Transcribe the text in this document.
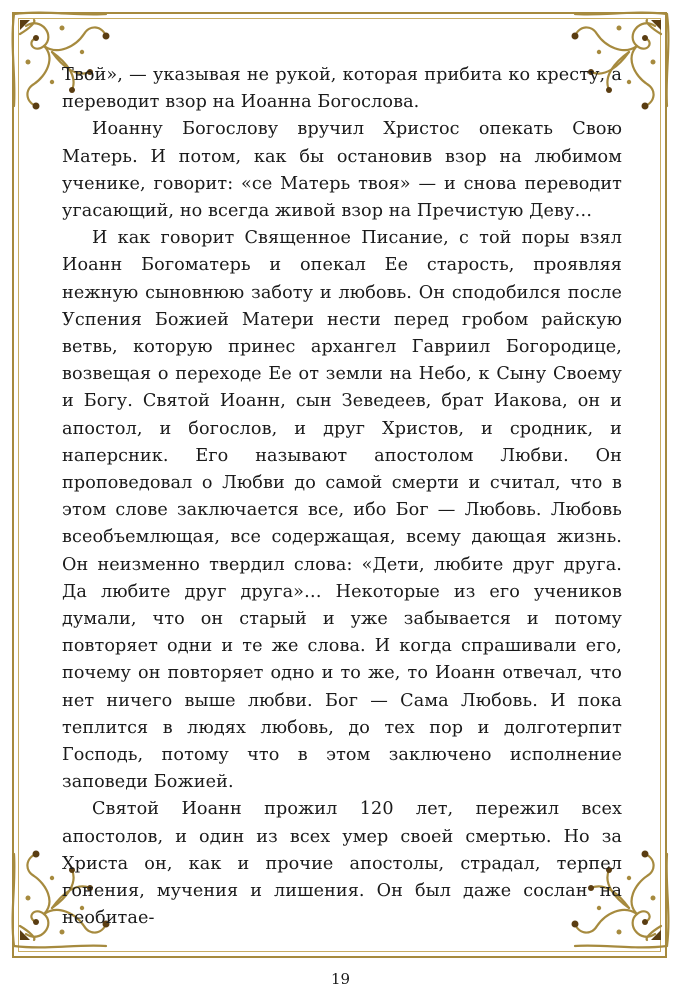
Твой», — указывая не рукой, которая прибита ко кресту, а переводит взор на Иоанна Богослова.

Иоанну Богослову вручил Христос опекать Свою Матерь. И потом, как бы остановив взор на любимом ученике, говорит: «се Матерь твоя» — и снова переводит угасающий, но всегда живой взор на Пречистую Деву…

И как говорит Священное Писание, с той поры взял Иоанн Богоматерь и опекал Ее старость, проявляя нежную сыновнюю заботу и любовь. Он сподобился после Успения Божией Матери нести перед гробом райскую ветвь, которую принес архангел Гавриил Богородице, возвещая о переходе Ее от земли на Небо, к Сыну Своему и Богу. Святой Иоанн, сын Зеведеев, брат Иакова, он и апостол, и богослов, и друг Христов, и сродник, и наперсник. Его называют апостолом Любви. Он проповедовал о Любви до самой смерти и считал, что в этом слове заключается все, ибо Бог — Любовь. Любовь всеобъемлющая, все содержащая, всему дающая жизнь. Он неизменно твердил слова: «Дети, любите друг друга. Да любите друг друга»… Некоторые из его учеников думали, что он старый и уже забывается и потому повторяет одни и те же слова. И когда спрашивали его, почему он повторяет одно и то же, то Иоанн отвечал, что нет ничего выше любви. Бог — Сама Любовь. И пока теплится в людях любовь, до тех пор и долготерпит Господь, потому что в этом заключено исполнение заповеди Божией.

Святой Иоанн прожил 120 лет, пережил всех апостолов, и один из всех умер своей смертью. Но за Христа он, как и прочие апостолы, страдал, терпел гонения, мучения и лишения. Он был даже сослан на необитае-

19
